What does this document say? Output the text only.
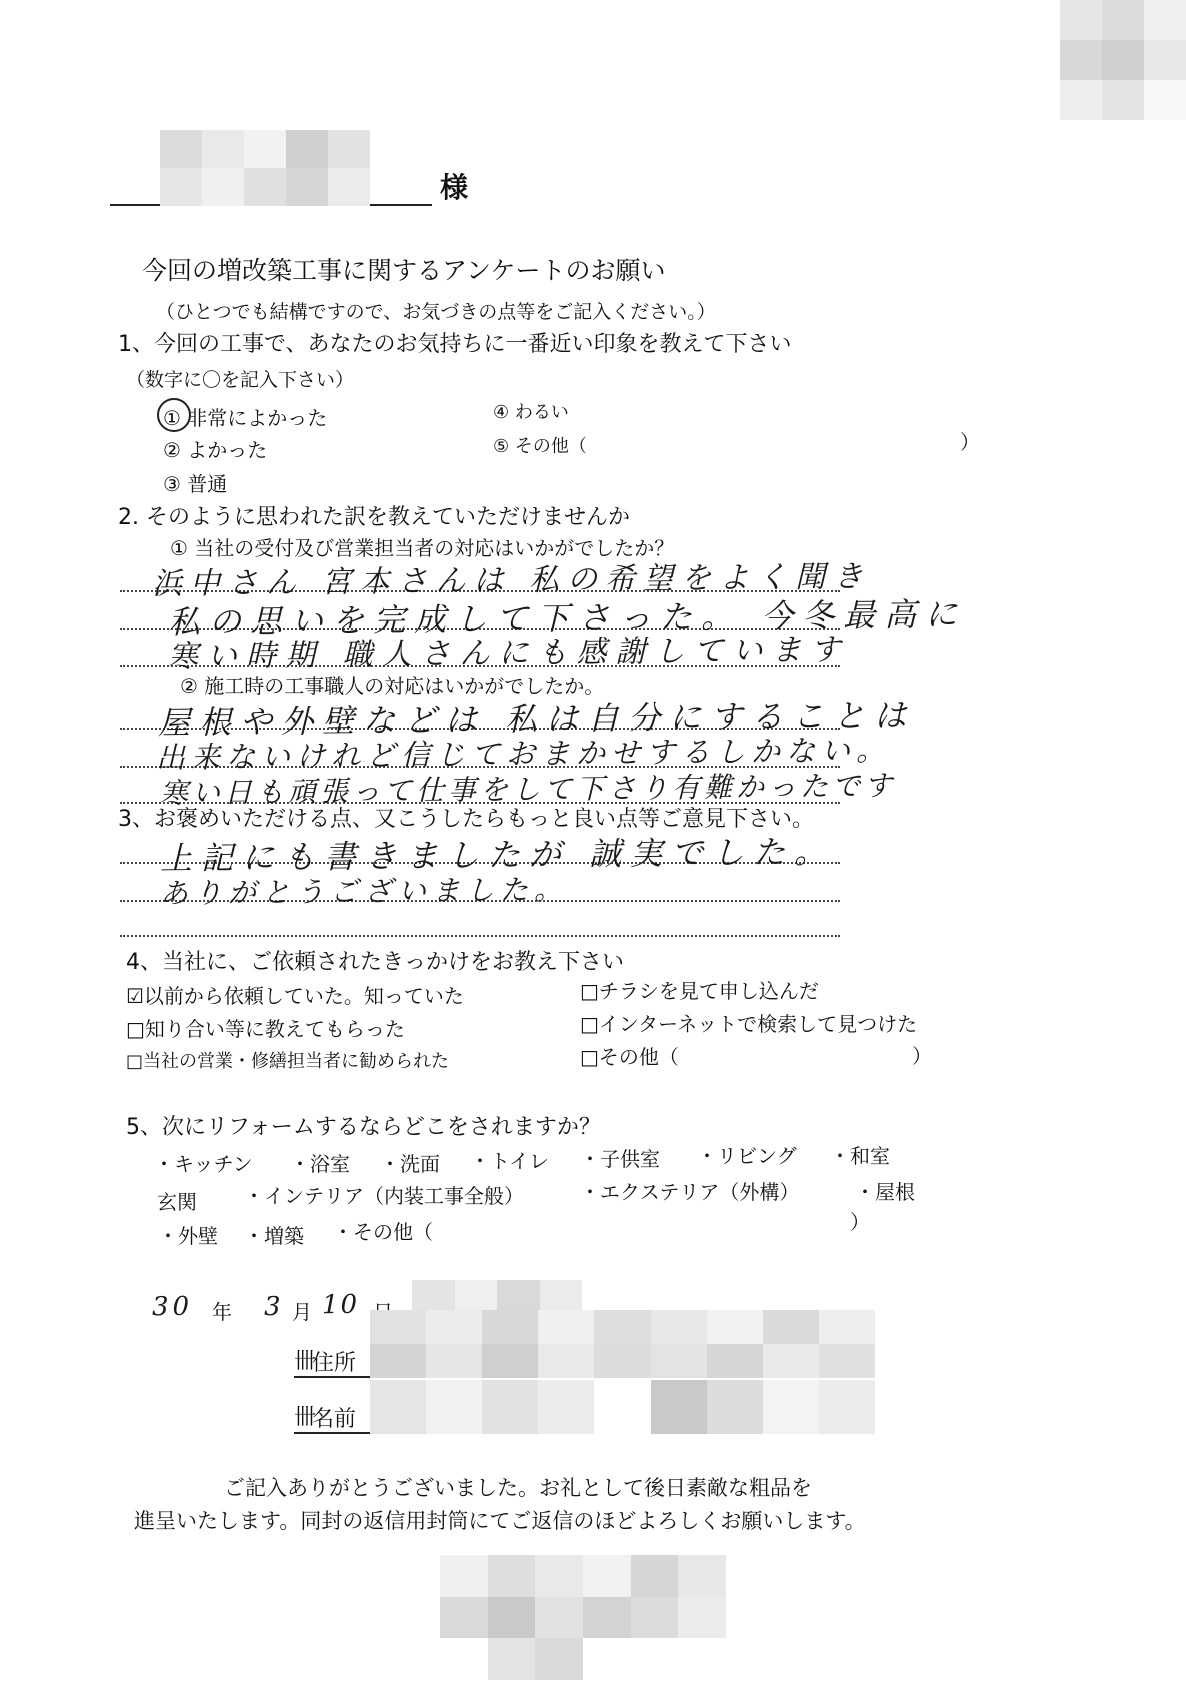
様
今回の増改築工事に関するアンケートのお願い
（ひとつでも結構ですので、お気づきの点等をご記入ください。）
1、今回の工事で、あなたのお気持ちに一番近い印象を教えて下さい
（数字に〇を記入下さい）
① 非常によかった
② よかった
③ 普通
④ わるい
⑤ その他（	）
2. そのように思われた訳を教えていただけませんか
① 当社の受付及び営業担当者の対応はいかがでしたか？
浜中さん 宮本さんは 私の希望をよく聞き
私の思いを完成して下さった。 今冬最高に
寒い時期 職人さんにも感謝しています
② 施工時の工事職人の対応はいかがでしたか。
屋根や外壁などは 私は自分にすることは
出来ないけれど信じておまかせするしかない。
寒い日も頑張って仕事をして下さり有難かったです
3、お褒めいただける点、又こうしたらもっと良い点等ご意見下さい。
上記にも書きましたが 誠実でした。
ありがとうございました。
4、当社に、ご依頼されたきっかけをお教え下さい
☑以前から依頼していた。知っていた
□知り合い等に教えてもらった
□当社の営業・修繕担当者に勧められた
□チラシを見て申し込んだ
□インターネットで検索して見つけた
□その他（	）
5、次にリフォームするならどこをされますか？
・キッチン ・浴室 ・洗面 ・トイレ ・子供室 ・リビング ・和室
玄関 ・インテリア（内装工事全般）	・エクステリア（外構）	・屋根
・外壁 ・増築 ・その他（	）
30 年 3 月 10
卌
住所
卌
名前
ご記入ありがとうございました。お礼として後日素敵な粗品を
進呈いたします。同封の返信用封筒にてご返信のほどよろしくお願いします。
